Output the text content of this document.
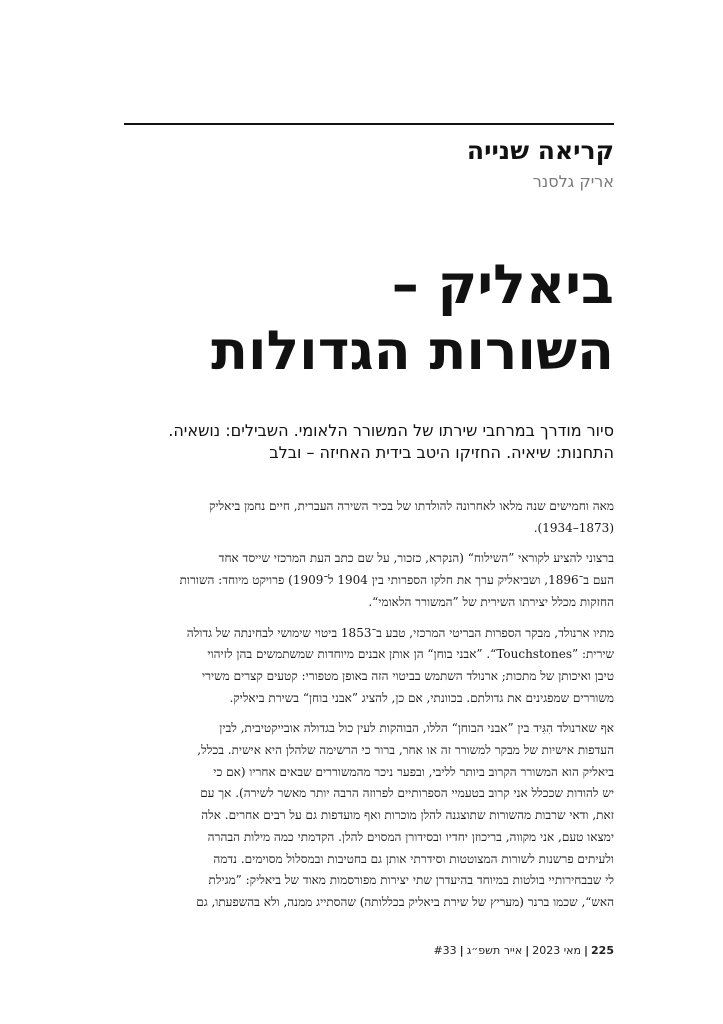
קריאה שנייה
אריק גלסנר
ביאליק –
השורות הגדולות
סיור מודרך במרחבי שירתו של המשורר הלאומי. השבילים: נושאיה.
התחנות: שיאיה. החזיקו היטב בידית האחיזה – ובלב

מאה וחמישים שנה מלאו לאחרונה להולדתו של בכיר השירה העברית, חיים נחמן ביאליק
(1873–1934).

ברצוני להציע לקוראי ”השילוח“ (הנקרא, כזכור, על שם כתב העת המרכזי שייסד אחד
העם ב־1896, ושביאליק ערך את חלקו הספרותי בין 1904 ל־1909) פרויקט מיוחד: השורות
החזקות מכלל יצירתו השירית של ”המשורר הלאומי“.

מתיו ארנולד, מבקר הספרות הבריטי המרכזי, טבע ב־1853 ביטוי שימושי לבחינתה של גדולה
שירית: ”Touchstones“. ”אבני בוחן“ הן אותן אבנים מיוחדות שמשתמשים בהן לזיהוי
טיבן ואיכותן של מתכות; ארנולד השתמש בביטוי הזה באופן מטפורי: קטעים קצרים משירי
משוררים שמפגינים את גדולתם. בכוונתי, אם כן, להציג ”אבני בוחן“ בשירת ביאליק.

אף שארנולד הִגִּיד בין ”אבני הבוחן“ הללו, הבוהקות לעין כול בגדולה אובייקטיבית, לבין
העדפות אישיות של מבקר למשורר זה או אחר, ברור כי הרשימה שלהלן היא אישית. בכלל,
ביאליק הוא המשורר הקרוב ביותר לליבי, ובפער ניכר מהמשוררים שבאים אחריו (אם כי
יש להודות שככלל אני קרוב בטעמיי הספרותיים לפרוזה הרבה יותר מאשר לשירה). אך עם
זאת, ודאי שרבות מהשורות שתוצגנה להלן מוכרות ואף מועדפות גם על רבים אחרים. אלה
ימצאו טעם, אני מקווה, בריכוזן יחדיו ובסידורן המסוים להלן. הקדמתי כמה מילות הבהרה
ולעיתים פרשנות לשורות המצוטטות וסידרתי אותן גם בחטיבות ובמסלול מסוימים. נדמה
לי שבבחירותיי בולטות במיוחד בהיעדרן שתי יצירות מפורסמות מאוד של ביאליק: ”מגילת
האש“, שכמו ברנר (מעריץ של שירת ביאליק בכללותה) שהסתייג ממנה, ולא בהשפעתו, גם

225|מאי 2023|אייר תשפ״ג|#33
